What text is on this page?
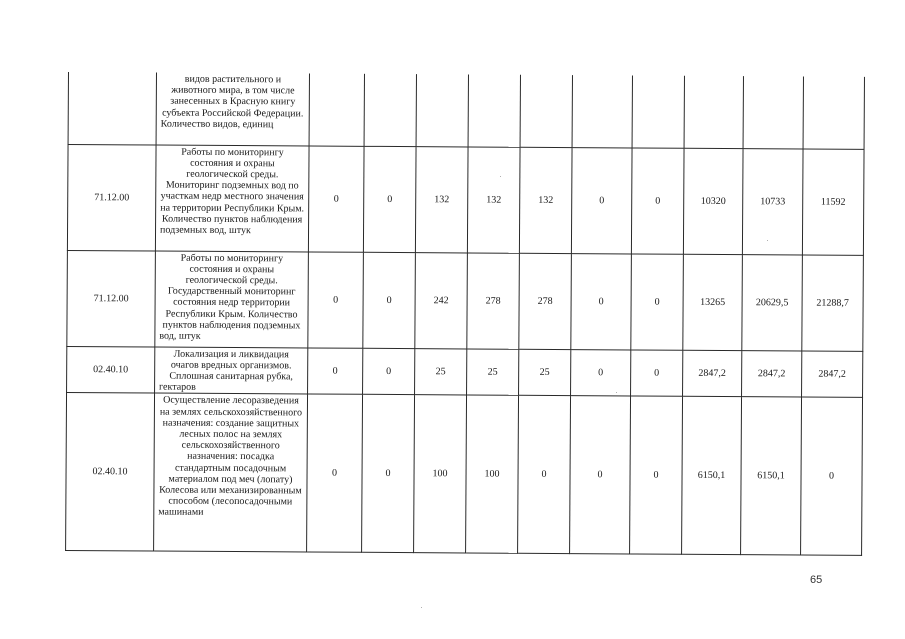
	видов растительного и животного мира, в том числе занесенных в Красную книгу субъекта Российской Федерации. Количество видов, единиц										

71.12.00	Работы по мониторингу состояния и охраны геологической среды. Мониторинг подземных вод по участкам недр местного значения на территории Республики Крым. Количество пунктов наблюдения подземных вод, штук	0	0	132	132	132	0	0	10320	10733	11592
71.12.00	Работы по мониторингу состояния и охраны геологической среды. Государственный мониторинг состояния недр территории Республики Крым. Количество пунктов наблюдения подземных вод, штук	0	0	242	278	278	0	0	13265	20629,5	21288,7
02.40.10	Локализация и ликвидация очагов вредных организмов. Сплошная санитарная рубка, гектаров	0	0	25	25	25	0	0	2847,2	2847,2	2847,2
02.40.10	Осуществление лесоразведения на землях сельскохозяйственного назначения: создание защитных лесных полос на землях сельскохозяйственного назначения: посадка стандартным посадочным материалом под меч (лопату) Колесова или механизированным способом (лесопосадочными машинами	0	0	100	100	0	0	0	6150,1	6150,1	0
65
